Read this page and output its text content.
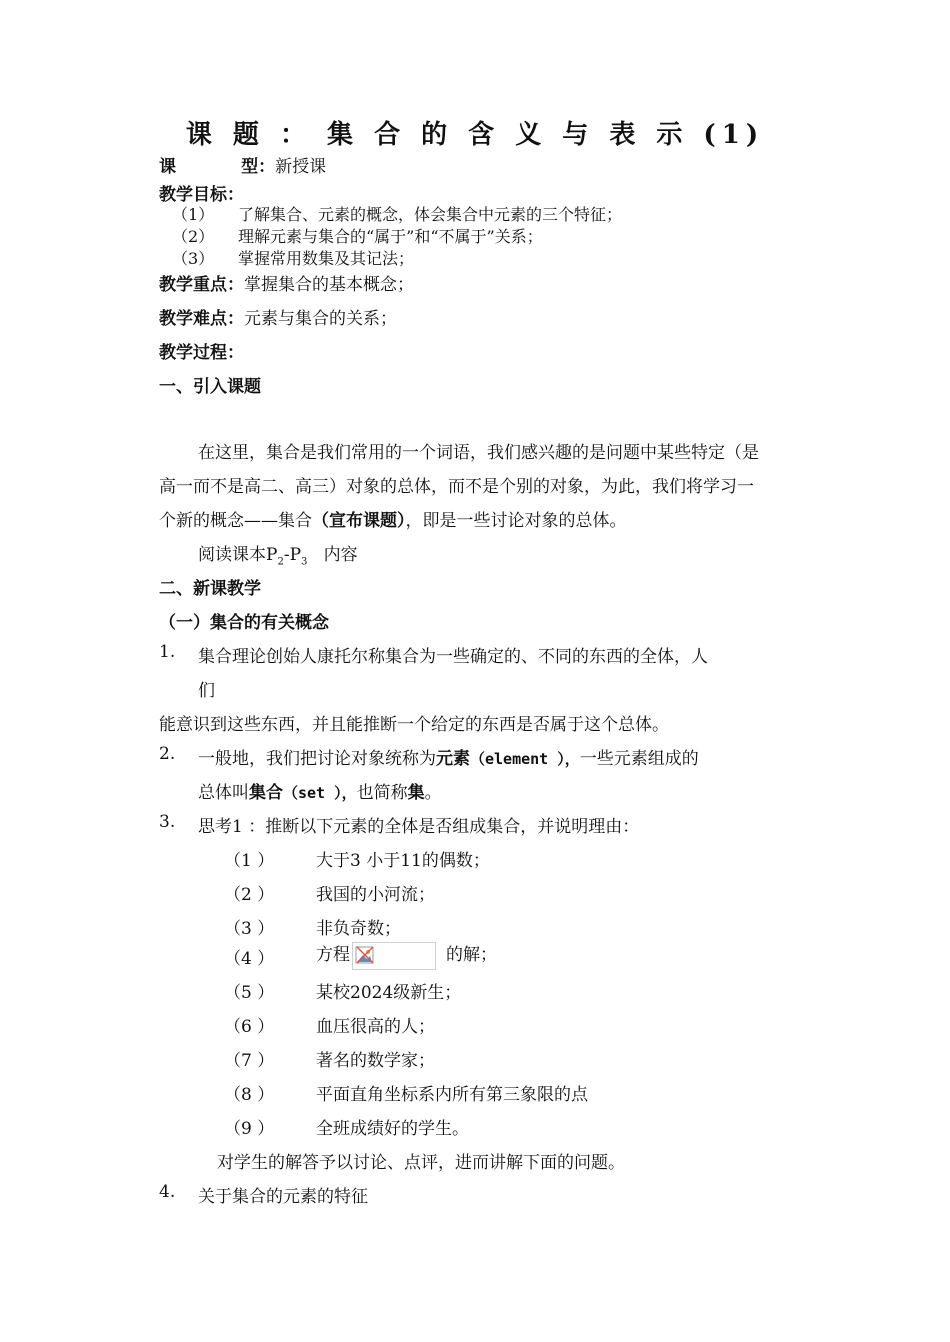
课 题 ： 集 合 的 含 义 与 表 示 (1)
课           型：新授课
教学目标：
（1） 了解集合、元素的概念，体会集合中元素的三个特征；
（2） 理解元素与集合的“属于”和“不属于”关系；
（3） 掌握常用数集及其记法；
教学重点：掌握集合的基本概念；
教学难点：元素与集合的关系；
教学过程：
一、引入课题
在这里，集合是我们常用的一个词语，我们感兴趣的是问题中某些特定（是
高一而不是高二、高三）对象的总体，而不是个别的对象，为此，我们将学习一
个新的概念——集合（宣布课题），即是一些讨论对象的总体。
阅读课本$P_2-P_3$   内容
二、新课教学
（一）集合的有关概念
1. 集合理论创始人康托尔称集合为一些确定的、不同的东西的全体，人
们
能意识到这些东西，并且能推断一个给定的东西是否属于这个总体。
2. 一般地，我们把讨论对象统称为元素（element ），一些元素组成的
总体叫集合（set ），也简称集。
3. 思考1 ：推断以下元素的全体是否组成集合，并说明理由：
（1 ） 大于3 小于11的偶数；
（2 ） 我国的小河流；
（3 ） 非负奇数；
（4 ） 方程	的解；
（5 ） 某校2024级新生；
（6 ） 血压很高的人；
（7 ） 著名的数学家；
（8 ） 平面直角坐标系内所有第三象限的点
（9 ） 全班成绩好的学生。
对学生的解答予以讨论、点评，进而讲解下面的问题。
4. 关于集合的元素的特征
